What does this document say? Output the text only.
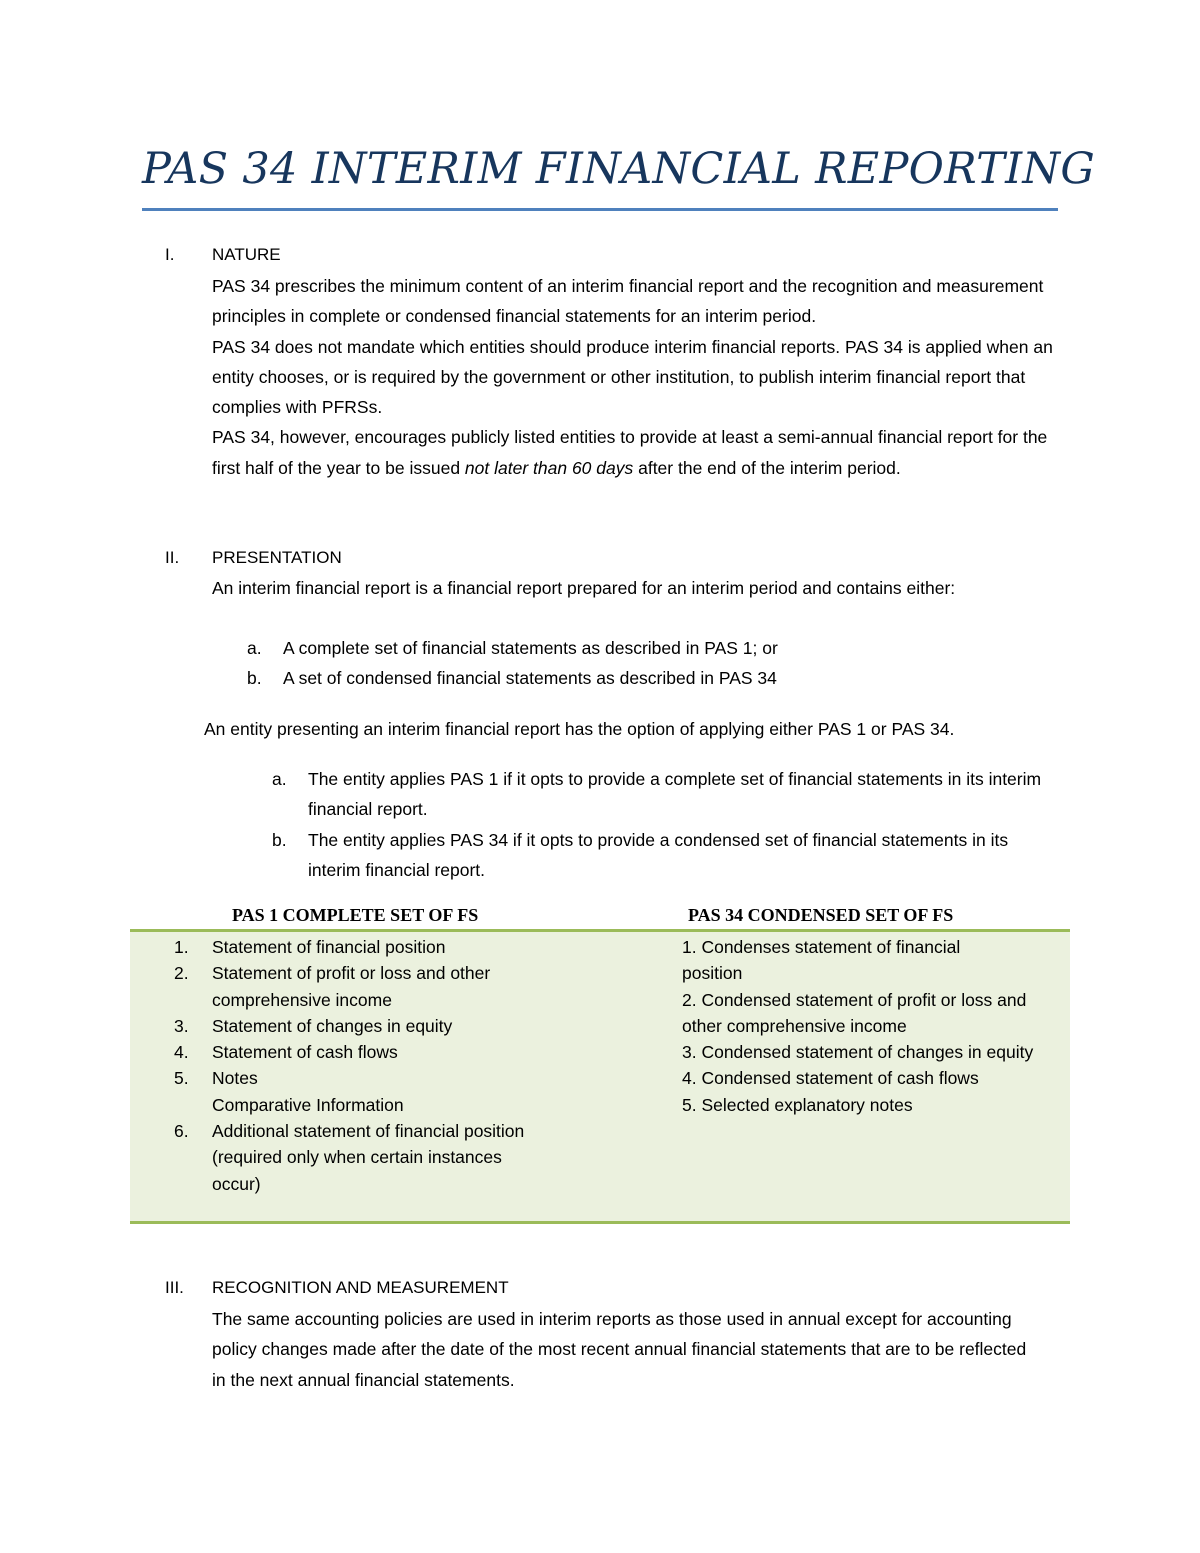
PAS 34 INTERIM FINANCIAL REPORTING
I. NATURE

PAS 34 prescribes the minimum content of an interim financial report and the recognition and measurement principles in complete or condensed financial statements for an interim period.

PAS 34 does not mandate which entities should produce interim financial reports. PAS 34 is applied when an entity chooses, or is required by the government or other institution, to publish interim financial report that complies with PFRSs.

PAS 34, however, encourages publicly listed entities to provide at least a semi-annual financial report for the first half of the year to be issued not later than 60 days after the end of the interim period.

II. PRESENTATION
An interim financial report is a financial report prepared for an interim period and contains either:
a. A complete set of financial statements as described in PAS 1; or
b. A set of condensed financial statements as described in PAS 34
An entity presenting an interim financial report has the option of applying either PAS 1 or PAS 34.
a. The entity applies PAS 1 if it opts to provide a complete set of financial statements in its interim financial report.
b. The entity applies PAS 34 if it opts to provide a condensed set of financial statements in its interim financial report.
PAS 1 COMPLETE SET OF FS	PAS 34 CONDENSED SET OF FS
1. Statement of financial position
2. Statement of profit or loss and other comprehensive income
3. Statement of changes in equity
4. Statement of cash flows
5. Notes
Comparative Information
6. Additional statement of financial position (required only when certain instances occur)
1. Condenses statement of financial position
2. Condensed statement of profit or loss and other comprehensive income
3. Condensed statement of changes in equity
4. Condensed statement of cash flows
5. Selected explanatory notes
III. RECOGNITION AND MEASUREMENT
The same accounting policies are used in interim reports as those used in annual except for accounting policy changes made after the date of the most recent annual financial statements that are to be reflected in the next annual financial statements.
